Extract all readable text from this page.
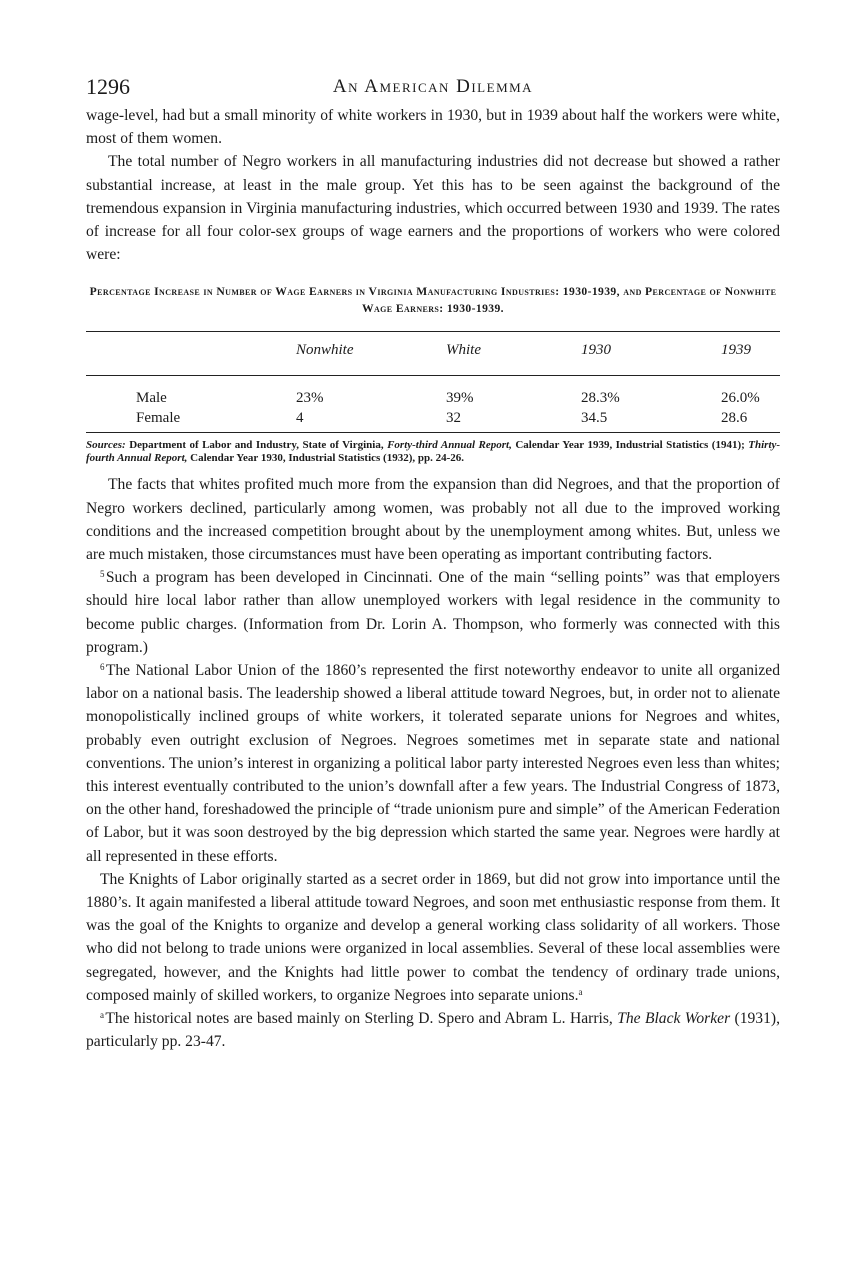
1296	An American Dilemma

wage-level, had but a small minority of white workers in 1930, but in 1939 about half the workers were white, most of them women.

The total number of Negro workers in all manufacturing industries did not decrease but showed a rather substantial increase, at least in the male group. Yet this has to be seen against the background of the tremendous expansion in Virginia manufacturing industries, which occurred between 1930 and 1939. The rates of increase for all four color-sex groups of wage earners and the proportions of workers who were colored were:

Percentage Increase in Number of Wage Earners in Virginia Manufacturing Industries: 1930-1939, and Percentage of Nonwhite Wage Earners: 1930-1939.
	Nonwhite	White	1930	1939
Male	23%	39%	28.3%	26.0%
Female	4	32	34.5	28.6
Sources: Department of Labor and Industry, State of Virginia, Forty-third Annual Report, Calendar Year 1939, Industrial Statistics (1941); Thirty-fourth Annual Report, Calendar Year 1930, Industrial Statistics (1932), pp. 24-26.

The facts that whites profited much more from the expansion than did Negroes, and that the proportion of Negro workers declined, particularly among women, was probably not all due to the improved working conditions and the increased competition brought about by the unemployment among whites. But, unless we are much mistaken, those circumstances must have been operating as important contributing factors.

$^5$ Such a program has been developed in Cincinnati. One of the main “selling points” was that employers should hire local labor rather than allow unemployed workers with legal residence in the community to become public charges. (Information from Dr. Lorin A. Thompson, who formerly was connected with this program.)

$^6$ The National Labor Union of the 1860’s represented the first noteworthy endeavor to unite all organized labor on a national basis. The leadership showed a liberal attitude toward Negroes, but, in order not to alienate monopolistically inclined groups of white workers, it tolerated separate unions for Negroes and whites, probably even outright exclusion of Negroes. Negroes sometimes met in separate state and national conventions. The union’s interest in organizing a political labor party interested Negroes even less than whites; this interest eventually contributed to the union’s downfall after a few years. The Industrial Congress of 1873, on the other hand, foreshadowed the principle of “trade unionism pure and simple” of the American Federation of Labor, but it was soon destroyed by the big depression which started the same year. Negroes were hardly at all represented in these efforts.

The Knights of Labor originally started as a secret order in 1869, but did not grow into importance until the 1880’s. It again manifested a liberal attitude toward Negroes, and soon met enthusiastic response from them. It was the goal of the Knights to organize and develop a general working class solidarity of all workers. Those who did not belong to trade unions were organized in local assemblies. Several of these local assemblies were segregated, however, and the Knights had little power to combat the tendency of ordinary trade unions, composed mainly of skilled workers, to organize Negroes into separate unions.$^a$

$^a$ The historical notes are based mainly on Sterling D. Spero and Abram L. Harris, The Black Worker (1931), particularly pp. 23-47.
